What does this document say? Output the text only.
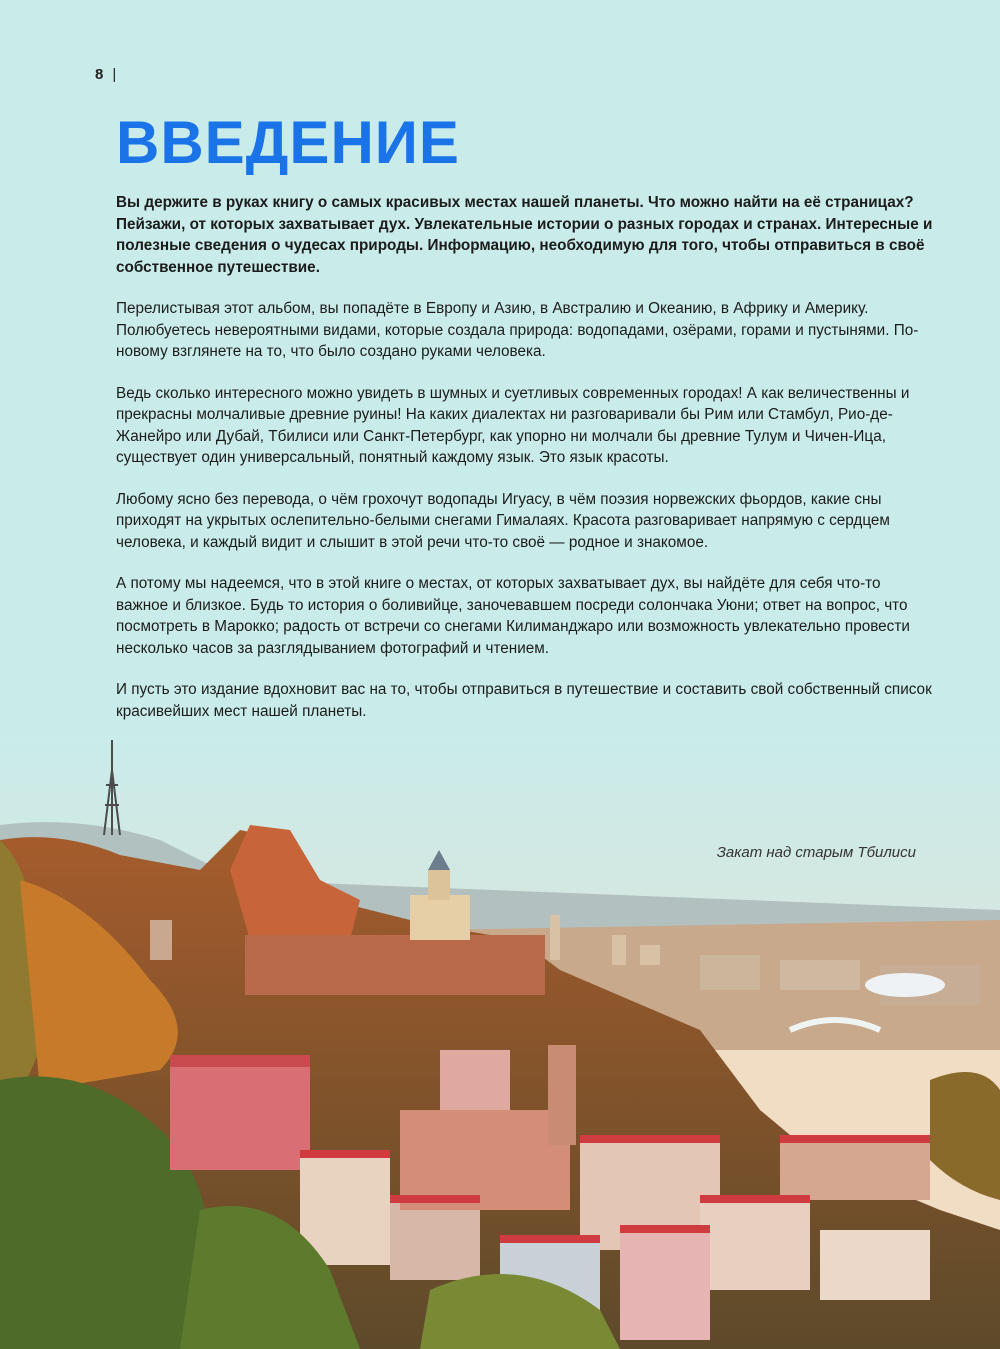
8 |
ВВЕДЕНИЕ

Вы держите в руках книгу о самых красивых местах нашей планеты. Что можно найти на её страницах? Пейзажи, от которых захватывает дух. Увлекательные истории о разных городах и странах. Интересные и полезные сведения о чудесах природы. Информацию, необходимую для того, чтобы отправиться в своё собственное путешествие.

Перелистывая этот альбом, вы попадёте в Европу и Азию, в Австралию и Океанию, в Африку и Америку. Полюбуетесь невероятными видами, которые создала природа: водопадами, озёрами, горами и пустынями. По-новому взглянете на то, что было создано руками человека.

Ведь сколько интересного можно увидеть в шумных и суетливых современных городах! А как величественны и прекрасны молчаливые древние руины! На каких диалектах ни разговаривали бы Рим или Стамбул, Рио-де-Жанейро или Дубай, Тбилиси или Санкт-Петербург, как упорно ни молчали бы древние Тулум и Чичен-Ица, существует один универсальный, понятный каждому язык. Это язык красоты.

Любому ясно без перевода, о чём грохочут водопады Игуасу, в чём поэзия норвежских фьордов, какие сны приходят на укрытых ослепительно-белыми снегами Гималаях. Красота разговаривает напрямую с сердцем человека, и каждый видит и слышит в этой речи что-то своё — родное и знакомое.

А потому мы надеемся, что в этой книге о местах, от которых захватывает дух, вы найдёте для себя что-то важное и близкое. Будь то история о боливийце, заночевавшем посреди солончака Уюни; ответ на вопрос, что посмотреть в Марокко; радость от встречи со снегами Килиманджаро или возможность увлекательно провести несколько часов за разглядыванием фотографий и чтением.

И пусть это издание вдохновит вас на то, чтобы отправиться в путешествие и составить свой собственный список красивейших мест нашей планеты.

Закат над старым Тбилиси
